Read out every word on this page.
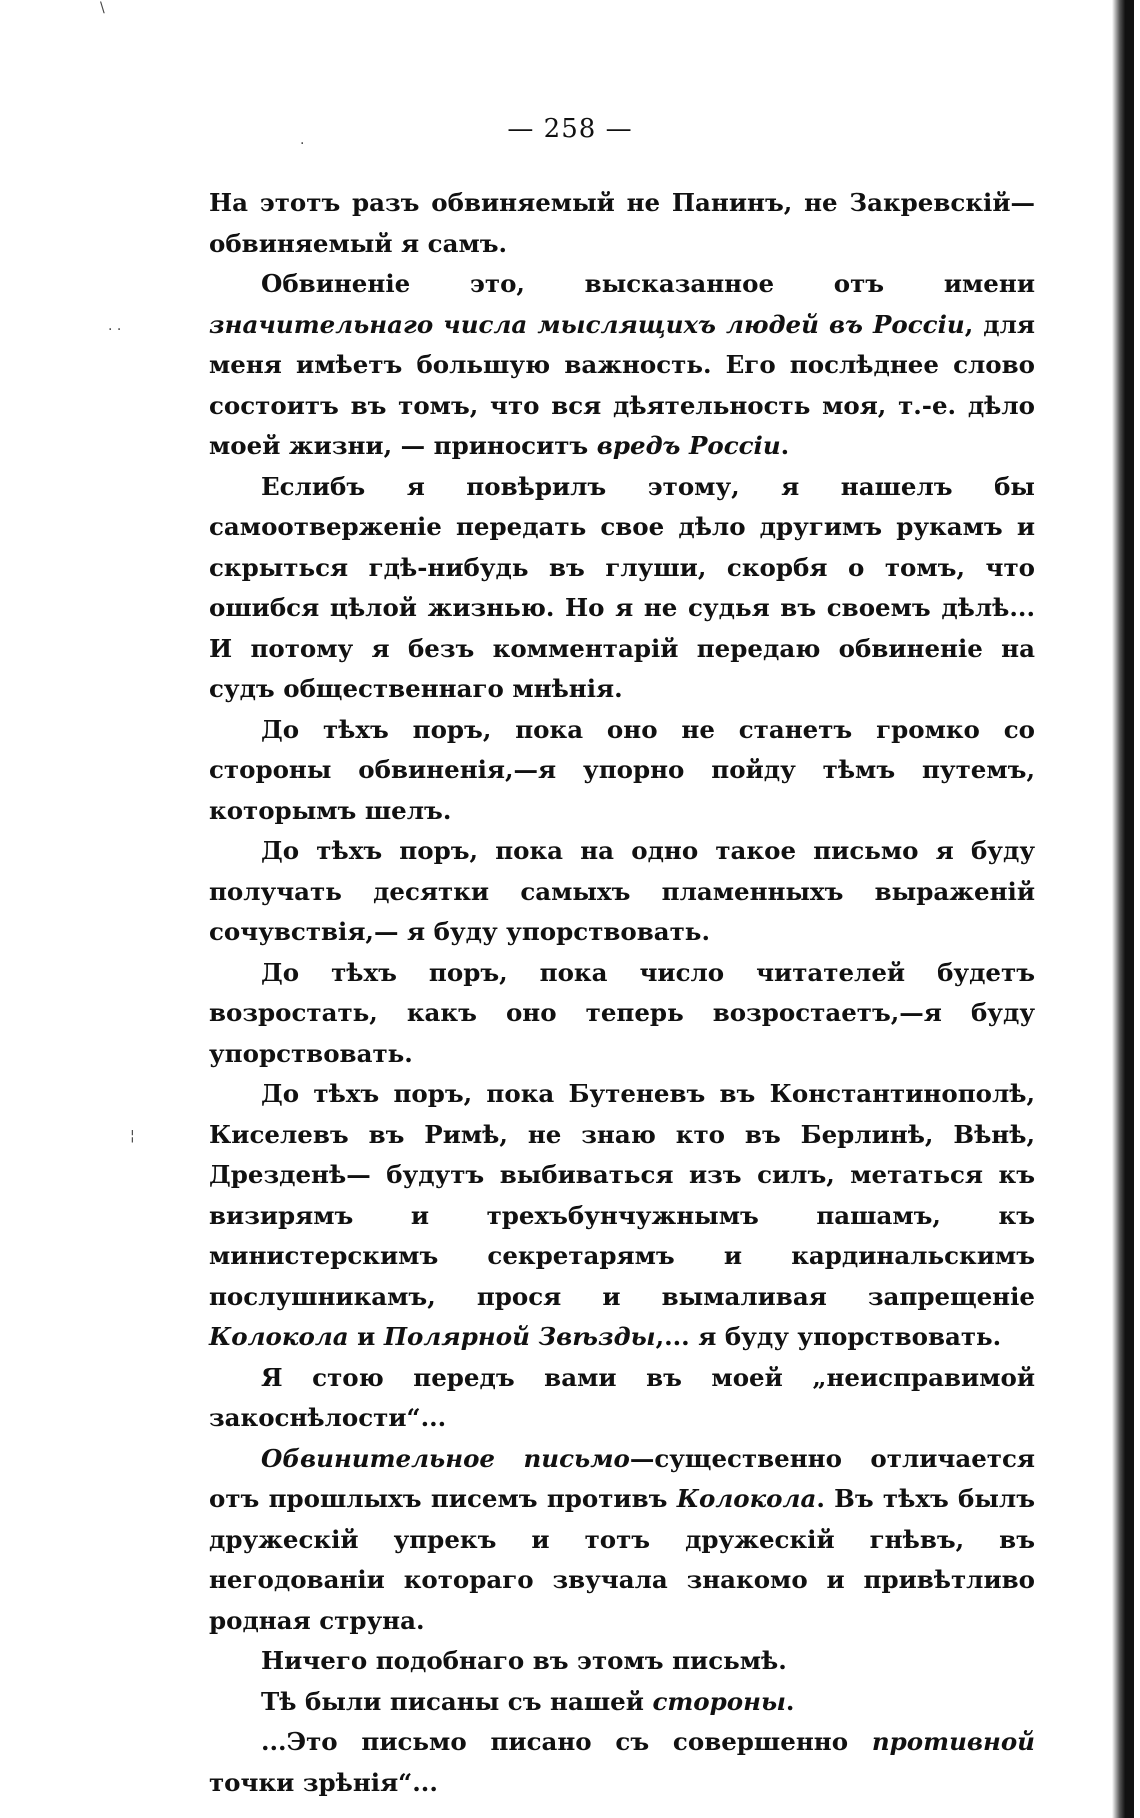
\
. .
¦
.	— 258 —

На этотъ разъ обвиняемый не Панинъ, не Закревскій— обвиняемый я самъ.

Обвиненіе это, высказанное отъ имени значительнаго числа мыслящихъ людей въ Россіи, для меня имѣетъ большую важность. Его послѣднее слово состоитъ въ томъ, что вся дѣятельность моя, т.-е. дѣло моей жизни, — приноситъ вредъ Россіи.

Еслибъ я повѣрилъ этому, я нашелъ бы самоотверженіе передать свое дѣло другимъ рукамъ и скрыться гдѣ-нибудь въ глуши, скорбя о томъ, что ошибся цѣлой жизнью. Но я не судья въ своемъ дѣлѣ... И потому я безъ комментарій передаю обвиненіе на судъ общественнаго мнѣнія.

До тѣхъ поръ, пока оно не станетъ громко со стороны обвиненія,—я упорно пойду тѣмъ путемъ, которымъ шелъ.

До тѣхъ поръ, пока на одно такое письмо я буду получать десятки самыхъ пламенныхъ выраженій сочувствія,— я буду упорствовать.

До тѣхъ поръ, пока число читателей будетъ возростать, какъ оно теперь возростаетъ,—я буду упорствовать.

До тѣхъ поръ, пока Бутеневъ въ Константинополѣ, Киселевъ въ Римѣ, не знаю кто въ Берлинѣ, Вѣнѣ, Дрезденѣ— будутъ выбиваться изъ силъ, метаться къ визирямъ и трехъбунчужнымъ пашамъ, къ министерскимъ секретарямъ и кардинальскимъ послушникамъ, прося и вымаливая запрещеніе Колокола и Полярной Звѣзды,... я буду упорствовать.

Я стою передъ вами въ моей „неисправимой закоснѣлости“...

Обвинительное письмо—существенно отличается отъ прошлыхъ писемъ противъ Колокола. Въ тѣхъ былъ дружескій упрекъ и тотъ дружескій гнѣвъ, въ негодованіи котораго звучала знакомо и привѣтливо родная струна.

Ничего подобнаго въ этомъ письмѣ.

Тѣ были писаны съ нашей стороны.

...Это письмо писано съ совершенно противной точки зрѣнія“...
